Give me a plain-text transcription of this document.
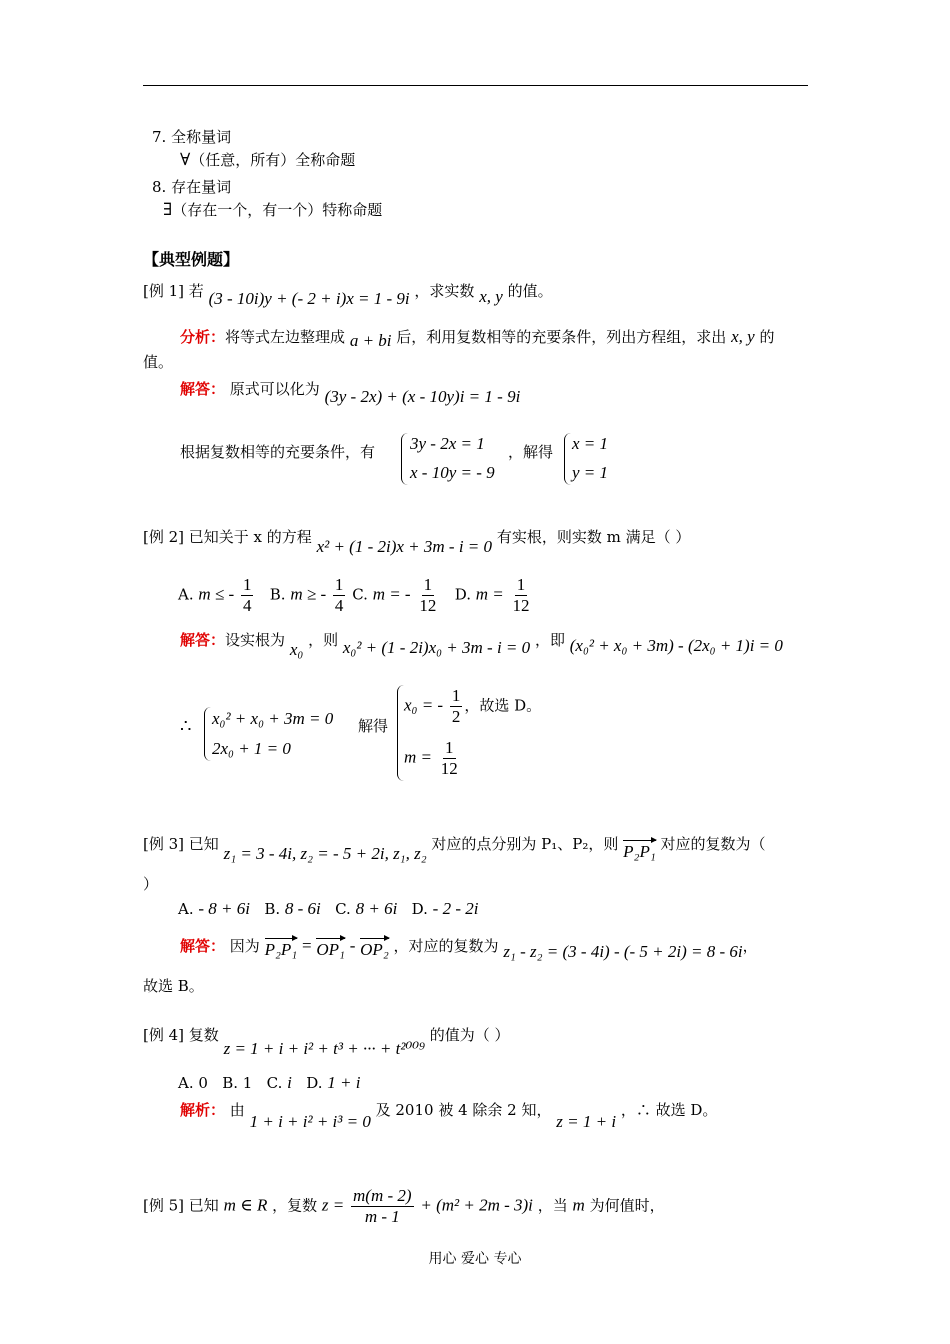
7. 全称量词
∀（任意，所有）全称命题
8. 存在量词
∃（存在一个，有一个）特称命题
【典型例题】
[例 1] 若 (3 - 10i)y + (- 2 + i)x = 1 - 9i ，求实数 x, y 的值。
分析：将等式左边整理成 a + bi 后，利用复数相等的充要条件，列出方程组，求出 x, y 的
值。
解答： 原式可以化为 (3y - 2x) + (x - 10y)i = 1 - 9i
根据复数相等的充要条件，有 3y - 2x = 1
x - 10y = - 9
，解得 x = 1
y = 1
[例 2] 已知关于 x 的方程 x² + (1 - 2i)x + 3m - i = 0 有实根，则实数 m 满足（ ）
A. m ≤ - $\frac{1}{4} B$. m ≥ - $\frac{1}{4} C$. m = - $\frac{1}{12} D$. $m = \frac{1}{12}$
解答：设实根为 x₀ ，则 x₀² + (1 - 2i)x₀ + 3m - i = 0 ，即 (x₀² + x₀ + 3m) - (2x₀ + 1)i = 0
∴ x₀² + x₀ + 3m = 0
2x₀ + 1 = 0
解得
x₀ = - $\frac{1}{2}$ ，故选 D。
$m = \frac{1}{12}$
[例 3] 已知 z₁ = 3 - 4i, z₂ = - 5 + 2i, z₁, z₂ 对应的点分别为 P₁、P₂，则 P₂P₁ 对应的复数为（
）
A. - 8 + 6i B. 8 - 6i C. 8 + 6i D. - 2 - 2i
解答： 因为 P₂P₁ = OP₁ - OP₂ ，对应的复数为 z₁ - z₂ = (3 - 4i) - (- 5 + 2i) = 8 - 6i，
故选 B。
[例 4] 复数 z = 1 + i + i² + t³ + ··· + t²⁰⁰⁹ 的值为（ ）
A. 0 B. 1 C. i D. 1 + i
解析： 由 1 + i + i² + i³ = 0 及 2010 被 4 除余 2 知， z = 1 + i ，∴ 故选 D。
[例 5] 已知 m ∈ R ，复数 $z = \frac{m(m - 2)}{m - 1} + (m^2 + 2m - 3)i$ ，当 m 为何值时，
用心 爱心 专心
